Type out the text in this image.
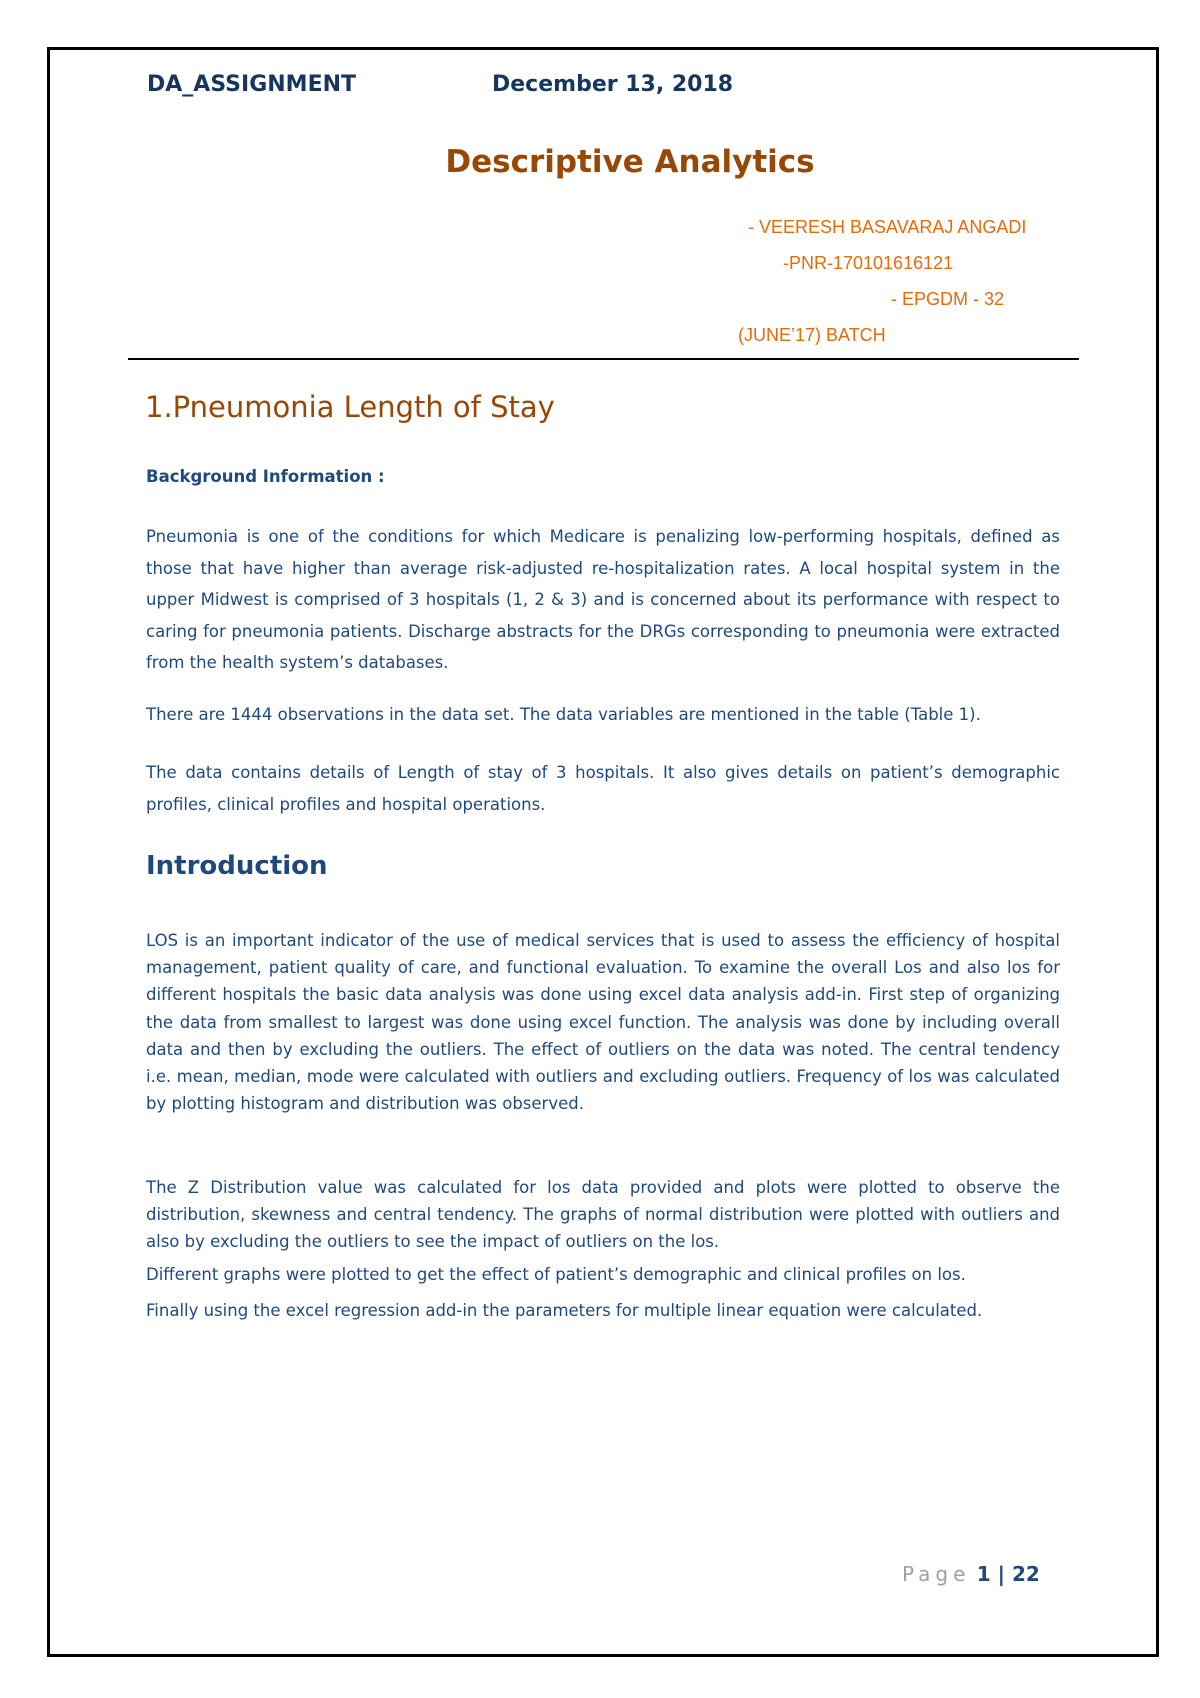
DA_ASSIGNMENT	December 13, 2018
Descriptive Analytics
- VEERESH BASAVARAJ ANGADI
-PNR-170101616121
- EPGDM - 32
(JUNE’17) BATCH
1.Pneumonia Length of Stay
Background Information :

Pneumonia is one of the conditions for which Medicare is penalizing low-performing hospitals, defined as those that have higher than average risk-adjusted re-hospitalization rates. A local hospital system in the upper Midwest is comprised of 3 hospitals (1, 2 & 3) and is concerned about its performance with respect to caring for pneumonia patients. Discharge abstracts for the DRGs corresponding to pneumonia were extracted from the health system’s databases.

There are 1444 observations in the data set. The data variables are mentioned in the table (Table 1).

The data contains details of Length of stay of 3 hospitals. It also gives details on patient’s demographic profiles, clinical profiles and hospital operations.

Introduction

LOS is an important indicator of the use of medical services that is used to assess the efficiency of hospital management, patient quality of care, and functional evaluation. To examine the overall Los and also los for different hospitals the basic data analysis was done using excel data analysis add-in. First step of organizing the data from smallest to largest was done using excel function. The analysis was done by including overall data and then by excluding the outliers. The effect of outliers on the data was noted. The central tendency i.e. mean, median, mode were calculated with outliers and excluding outliers. Frequency of los was calculated by plotting histogram and distribution was observed.

The Z Distribution value was calculated for los data provided and plots were plotted to observe the distribution, skewness and central tendency. The graphs of normal distribution were plotted with outliers and also by excluding the outliers to see the impact of outliers on the los.

Different graphs were plotted to get the effect of patient’s demographic and clinical profiles on los.

Finally using the excel regression add-in the parameters for multiple linear equation were calculated.

Page 1 | 22
